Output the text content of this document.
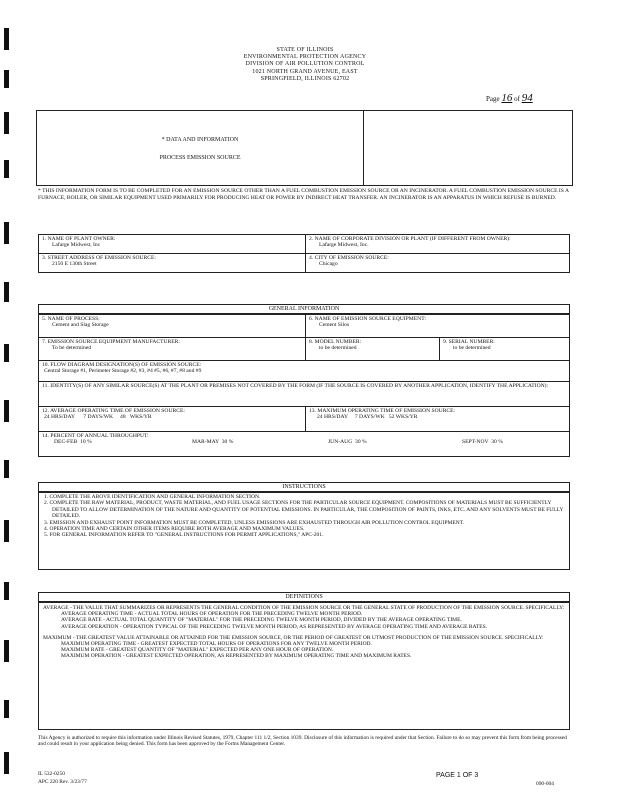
STATE OF ILLINOIS
ENVIRONMENTAL PROTECTION AGENCY
DIVISION OF AIR POLLUTION CONTROL
1021 NORTH GRAND AVENUE, EAST
SPRINGFIELD, ILLINOIS 62702
Page 16 of 94
* DATA AND INFORMATION
PROCESS EMISSION SOURCE
* THIS INFORMATION FORM IS TO BE COMPLETED FOR AN EMISSION SOURCE OTHER THAN A FUEL COMBUSTION EMISSION SOURCE OR AN INCINERATOR. A FUEL COMBUSTION EMISSION SOURCE IS A FURNACE, BOILER, OR SIMILAR EQUIPMENT USED PRIMARILY FOR PRODUCING HEAT OR POWER BY INDIRECT HEAT TRANSFER. AN INCINERATOR IS AN APPARATUS IN WHICH REFUSE IS BURNED.
1. NAME OF PLANT OWNER:
Lafarge Midwest, Inc
2. NAME OF CORPORATE DIVISION OR PLANT (IF DIFFERENT FROM OWNER):
Lafarge Midwest, Inc.
3. STREET ADDRESS OF EMISSION SOURCE:
2150 E 130th Street
4. CITY OF EMISSION SOURCE:
Chicago
GENERAL INFORMATION
5. NAME OF PROCESS:
Cement and Slag Storage
6. NAME OF EMISSION SOURCE EQUIPMENT:
Cement Silos
7. EMISSION SOURCE EQUIPMENT MANUFACTURER:
To be determined
8. MODEL NUMBER:
to be determined
9. SERIAL NUMBER:
to be determined
10. FLOW DIAGRAM DESIGNATION(S) OF EMISSION SOURCE:
Central Storage #1, Perimeter Storage #2, #3, #4 #5, #6, #7, #8 and #9
11. IDENTITY(S) OF ANY SIMILAR SOURCE(S) AT THE PLANT OR PREMISES NOT COVERED BY THE FORM (IF THE SOURCE IS COVERED BY ANOTHER APPLICATION, IDENTIFY THE APPLICATION):
12. AVERAGE OPERATING TIME OF EMISSION SOURCE:
24 HRS/DAY 7 DAYS/WK 48 WKS/YR
13. MAXIMUM OPERATING TIME OF EMISSION SOURCE:
24 HRS/DAY 7 DAYS/WK 52 WKS/YR
14. PERCENT OF ANNUAL THROUGHPUT:
DEC-FEB 10 %	MAR-MAY 30 %	JUN-AUG 30 %	SEPT-NOV 30 %
INSTRUCTIONS
1. COMPLETE THE ABOVE IDENTIFICATION AND GENERAL INFORMATION SECTION.
2. COMPLETE THE RAW MATERIAL, PRODUCT, WASTE MATERIAL, AND FUEL USAGE SECTIONS FOR THE PARTICULAR SOURCE EQUIPMENT. COMPOSITIONS OF MATERIALS MUST BE SUFFICIENTLY DETAILED TO ALLOW DETERMINATION OF THE NATURE AND QUANTITY OF POTENTIAL EMISSIONS. IN PARTICULAR, THE COMPOSITION OF PAINTS, INKS, ETC. AND ANY SOLVENTS MUST BE FULLY DETAILED.
3. EMISSION AND EXHAUST POINT INFORMATION MUST BE COMPLETED, UNLESS EMISSIONS ARE EXHAUSTED THROUGH AIR POLLUTION CONTROL EQUIPMENT.
4. OPERATION TIME AND CERTAIN OTHER ITEMS REQUIRE BOTH AVERAGE AND MAXIMUM VALUES.
5. FOR GENERAL INFORMATION REFER TO "GENERAL INSTRUCTIONS FOR PERMIT APPLICATIONS," APC-201.
DEFINITIONS

AVERAGE - THE VALUE THAT SUMMARIZES OR REPRESENTS THE GENERAL CONDITION OF THE EMISSION SOURCE OR THE GENERAL STATE OF PRODUCTION OF THE EMISSION SOURCE. SPECIFICALLY:

AVERAGE OPERATING TIME - ACTUAL TOTAL HOURS OF OPERATION FOR THE PRECEDING TWELVE MONTH PERIOD.

AVERAGE RATE - ACTUAL TOTAL QUANTITY OF "MATERIAL" FOR THE PRECEDING TWELVE MONTH PERIOD, DIVIDED BY THE AVERAGE OPERATING TIME.

AVERAGE OPERATION - OPERATION TYPICAL OF THE PRECEDING TWELVE MONTH PERIOD, AS REPRESENTED BY AVERAGE OPERATING TIME AND AVERAGE RATES.

MAXIMUM - THE GREATEST VALUE ATTAINABLE OR ATTAINED FOR THE EMISSION SOURCE, OR THE PERIOD OF GREATEST OR UTMOST PRODUCTION OF THE EMISSION SOURCE. SPECIFICALLY:

MAXIMUM OPERATING TIME - GREATEST EXPECTED TOTAL HOURS OF OPERATIONS FOR ANY TWELVE MONTH PERIOD.

MAXIMUM RATE - GREATEST QUANTITY OF "MATERIAL" EXPECTED PER ANY ONE HOUR OF OPERATION.

MAXIMUM OPERATION - GREATEST EXPECTED OPERATION, AS REPRESENTED BY MAXIMUM OPERATING TIME AND MAXIMUM RATES.

This Agency is authorized to require this information under Illinois Revised Statutes, 1979, Chapter 111 1/2, Section 1039. Disclosure of this information is required under that Section. Failure to do so may prevent this form from being processed and could result in your application being denied. This form has been approved by the Forms Management Center.
IL 532-0250
APC 220 Rev. 3/23/77
PAGE 1 OF 3
090-004
